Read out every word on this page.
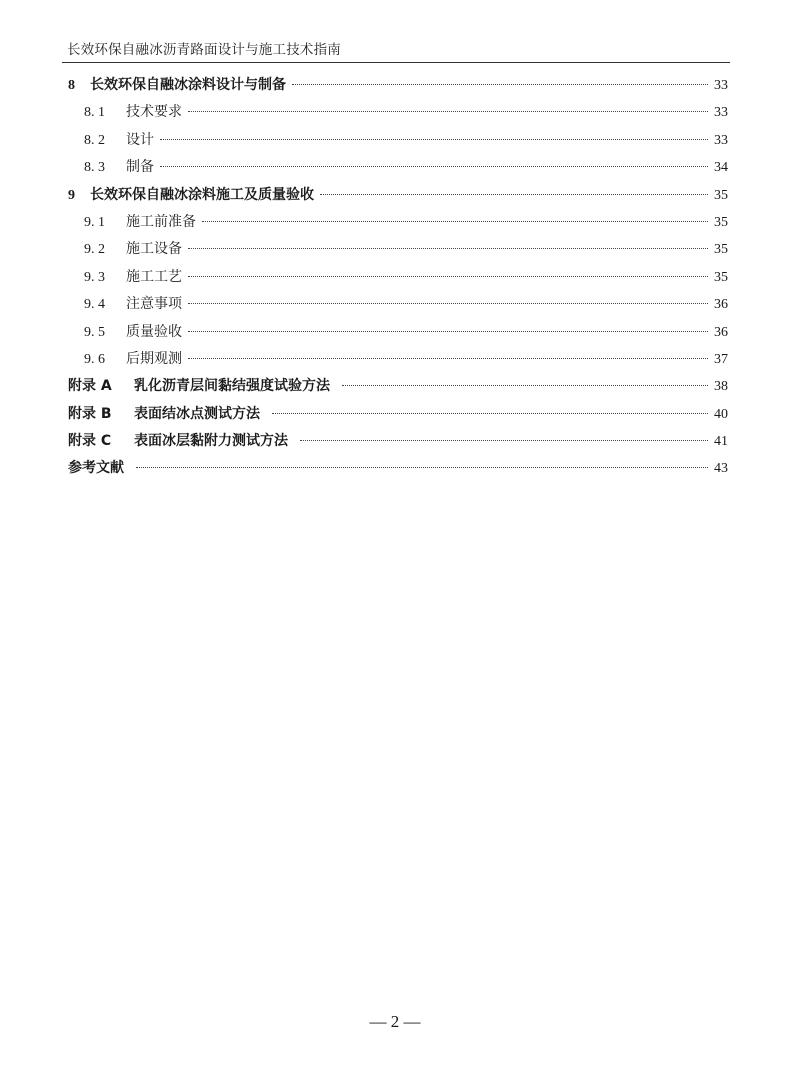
长效环保自融冰沥青路面设计与施工技术指南
8	长效环保自融冰涂料设计与制备	33
8. 1	技术要求	33
8. 2	设计	33
8. 3	制备	34
9	长效环保自融冰涂料施工及质量验收	35
9. 1	施工前准备	35
9. 2	施工设备	35
9. 3	施工工艺	35
9. 4	注意事项	36
9. 5	质量验收	36
9. 6	后期观测	37
附录 A	乳化沥青层间黏结强度试验方法	38
附录 B	表面结冰点测试方法	40
附录 C	表面冰层黏附力测试方法	41
参考文献	43
— 2 —
